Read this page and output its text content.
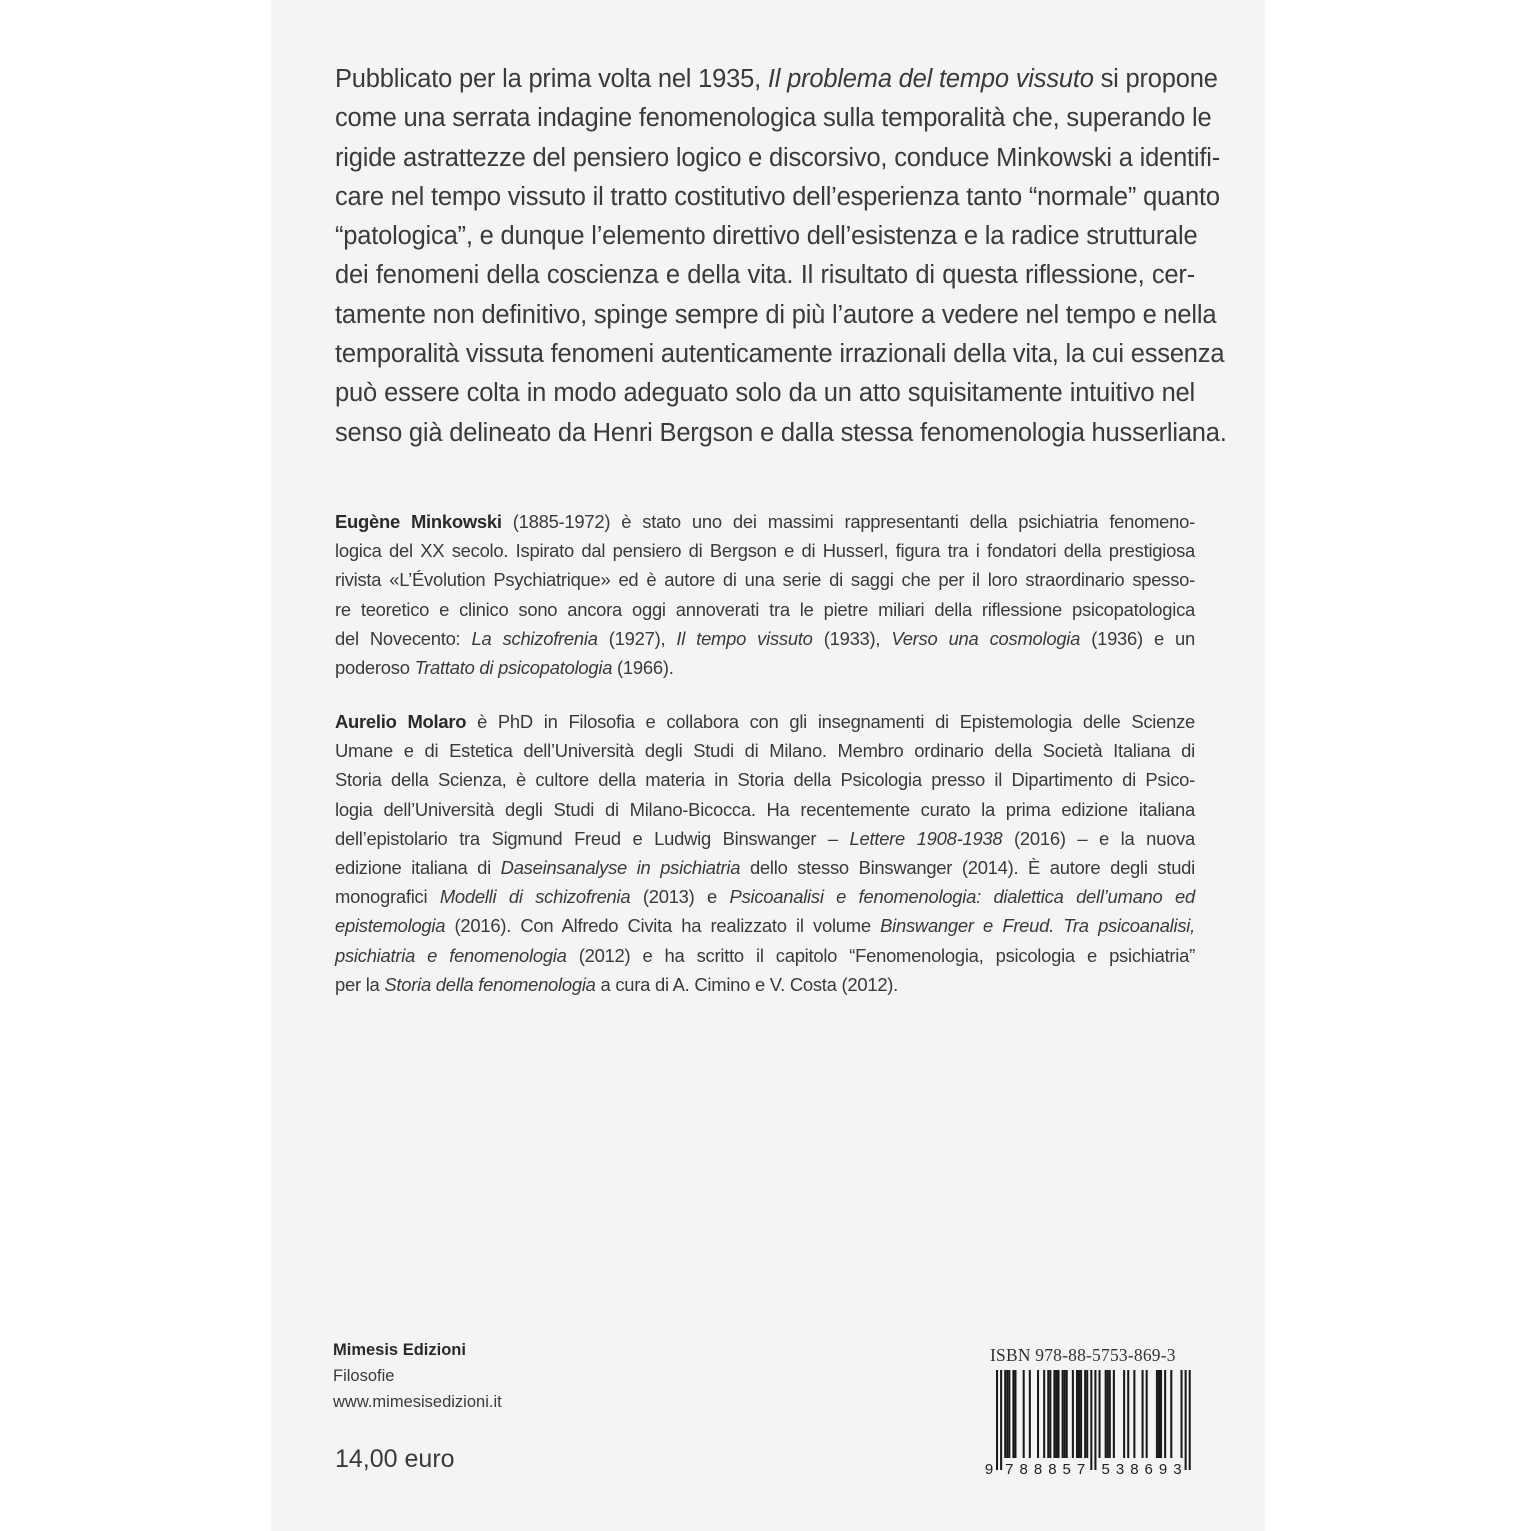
Pubblicato per la prima volta nel 1935, Il problema del tempo vissuto si propone
come una serrata indagine fenomenologica sulla temporalità che, superando le
rigide astrattezze del pensiero logico e discorsivo, conduce Minkowski a identifi-
care nel tempo vissuto il tratto costitutivo dell’esperienza tanto “normale” quanto
“patologica”, e dunque l’elemento direttivo dell’esistenza e la radice strutturale
dei fenomeni della coscienza e della vita. Il risultato di questa riflessione, cer-
tamente non definitivo, spinge sempre di più l’autore a vedere nel tempo e nella
temporalità vissuta fenomeni autenticamente irrazionali della vita, la cui essenza
può essere colta in modo adeguato solo da un atto squisitamente intuitivo nel
senso già delineato da Henri Bergson e dalla stessa fenomenologia husserliana.
Eugène Minkowski (1885-1972) è stato uno dei massimi rappresentanti della psichiatria fenomeno-
logica del XX secolo. Ispirato dal pensiero di Bergson e di Husserl, figura tra i fondatori della prestigiosa
rivista «L’Évolution Psychiatrique» ed è autore di una serie di saggi che per il loro straordinario spesso-
re teoretico e clinico sono ancora oggi annoverati tra le pietre miliari della riflessione psicopatologica
del Novecento: La schizofrenia (1927), Il tempo vissuto (1933), Verso una cosmologia (1936) e un
poderoso Trattato di psicopatologia (1966).
Aurelio Molaro è PhD in Filosofia e collabora con gli insegnamenti di Epistemologia delle Scienze
Umane e di Estetica dell’Università degli Studi di Milano. Membro ordinario della Società Italiana di
Storia della Scienza, è cultore della materia in Storia della Psicologia presso il Dipartimento di Psico-
logia dell’Università degli Studi di Milano-Bicocca. Ha recentemente curato la prima edizione italiana
dell’epistolario tra Sigmund Freud e Ludwig Binswanger – Lettere 1908-1938 (2016) – e la nuova
edizione italiana di Daseinsanalyse in psichiatria dello stesso Binswanger (2014). È autore degli studi
monografici Modelli di schizofrenia (2013) e Psicoanalisi e fenomenologia: dialettica dell’umano ed
epistemologia (2016). Con Alfredo Civita ha realizzato il volume Binswanger e Freud. Tra psicoanalisi,
psichiatria e fenomenologia (2012) e ha scritto il capitolo “Fenomenologia, psicologia e psichiatria”
per la Storia della fenomenologia a cura di A. Cimino e V. Costa (2012).
Mimesis Edizioni
Filosofie
www.mimesisedizioni.it
14,00 euro
ISBN 978-88-5753-869-3
9 7 8 8 8 5 7 5 3 8 6 9 3
